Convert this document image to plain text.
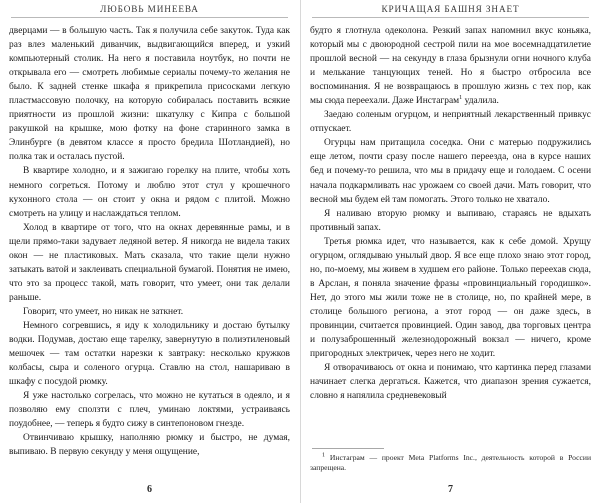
ЛЮБОВЬ МИНЕЕВА

дверцами — в большую часть. Так я получила себе закуток. Туда как раз влез маленький диванчик, выдвигающийся вперед, и узкий компьютерный столик. На него я поставила ноутбук, но почти не открывала его — смотреть любимые сериалы почему-то желания не было. К задней стенке шкафа я прикрепила присосками легкую пластмассовую полочку, на которую собиралась поставить всякие приятности из прошлой жизни: шкатулку с Кипра с большой ракушкой на крышке, мою фотку на фоне старинного замка в Элинбурге (в девятом классе я просто бредила Шотландией), но полка так и осталась пустой.

В квартире холодно, и я зажигаю горелку на плите, чтобы хоть немного согреться. Потому и люблю этот стул у крошечного кухонного стола — он стоит у окна и рядом с плитой. Можно смотреть на улицу и наслаждаться теплом.

Холод в квартире от того, что на окнах деревянные рамы, и в щели прямо-таки задувает ледяной ветер. Я никогда не видела таких окон — не пластиковых. Мать сказала, что такие щели нужно затыкать ватой и заклеивать специальной бумагой. Понятия не имею, что это за процесс такой, мать говорит, что умеет, они так делали раньше.

Говорит, что умеет, но никак не заткнет.

Немного согревшись, я иду к холодильнику и достаю бутылку водки. Подумав, достаю еще тарелку, завернутую в полиэтиленовый мешочек — там остатки нарезки к завтраку: несколько кружков колбасы, сыра и соленого огурца. Ставлю на стол, нашариваю в шкафу с посудой рюмку.

Я уже настолько согрелась, что можно не кутаться в одеяло, и я позволяю ему сползти с плеч, уминаю локтями, устраиваясь поудобнее, — теперь я будто сижу в синтепоновом гнезде.

Отвинчиваю крышку, наполняю рюмку и быстро, не думая, выпиваю. В первую секунду у меня ощущение,

6
КРИЧАЩАЯ БАШНЯ ЗНАЕТ

будто я глотнула одеколона. Резкий запах напомнил вкус коньяка, который мы с двоюродной сестрой пили на мое восемнадцатилетие прошлой весной — на секунду в глаза брызнули огни ночного клуба и мелькание танцующих теней. Но я быстро отбросила все воспоминания. Я не возвращаюсь в прошлую жизнь с тех пор, как мы сюда переехали. Даже Инстаграм$^1$ удалила.

Заедаю соленым огурцом, и неприятный лекарственный привкус отпускает.

Огурцы нам притащила соседка. Они с матерью подружились еще летом, почти сразу после нашего переезда, она в курсе наших бед и почему-то решила, что мы в придачу еще и голодаем. С осени начала подкармливать нас урожаем со своей дачи. Мать говорит, что весной мы будем ей там помогать. Этого только не хватало.

Я наливаю вторую рюмку и выпиваю, стараясь не вдыхать противный запах.

Третья рюмка идет, что называется, как к себе домой. Хрущу огурцом, оглядываю унылый двор. Я все еще плохо знаю этот город, но, по-моему, мы живем в худшем его районе. Только переехав сюда, в Арслан, я поняла значение фразы «провинциальный городишко». Нет, до этого мы жили тоже не в столице, но, по крайней мере, в столице большого региона, а этот город — он даже здесь, в провинции, считается провинцией. Один завод, два торговых центра и полузаброшенный железнодорожный вокзал — ничего, кроме пригородных электричек, через него не ходит.

Я отворачиваюсь от окна и понимаю, что картинка перед глазами начинает слегка дергаться. Кажется, что диапазон зрения сужается, словно я напялила средневековый

$^1$ Инстаграм — проект Meta Platforms Inc., деятельность которой в России запрещена.

7
